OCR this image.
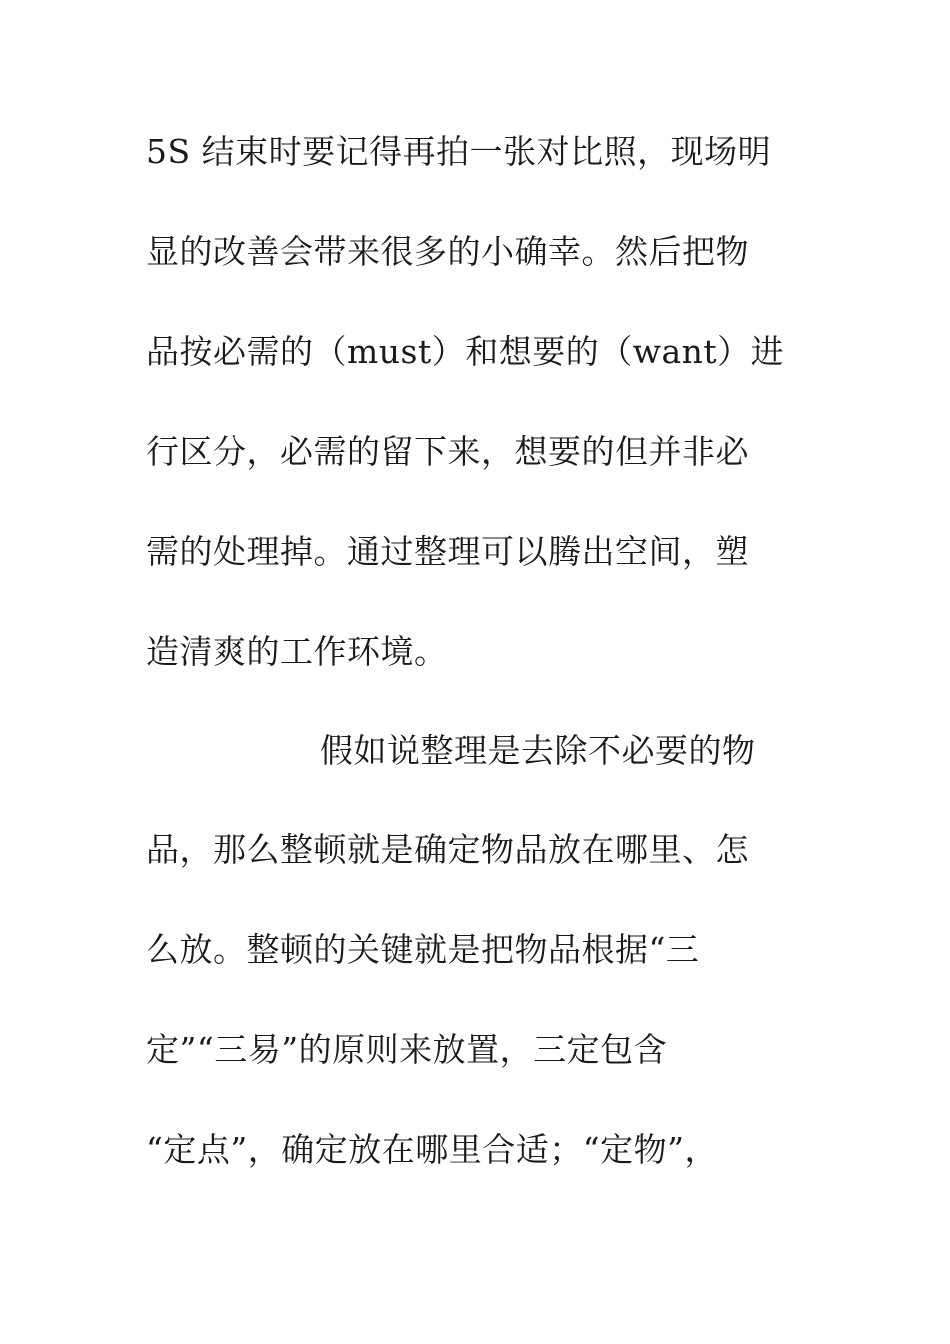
5S 结束时要记得再拍一张对比照，现场明
显的改善会带来很多的小确幸。然后把物
品按必需的（must）和想要的（want）进
行区分，必需的留下来，想要的但并非必
需的处理掉。通过整理可以腾出空间，塑
造清爽的工作环境。
假如说整理是去除不必要的物
品，那么整顿就是确定物品放在哪里、怎
么放。整顿的关键就是把物品根据“三
定”“三易”的原则来放置，三定包含
“定点”，确定放在哪里合适；“定物”，
